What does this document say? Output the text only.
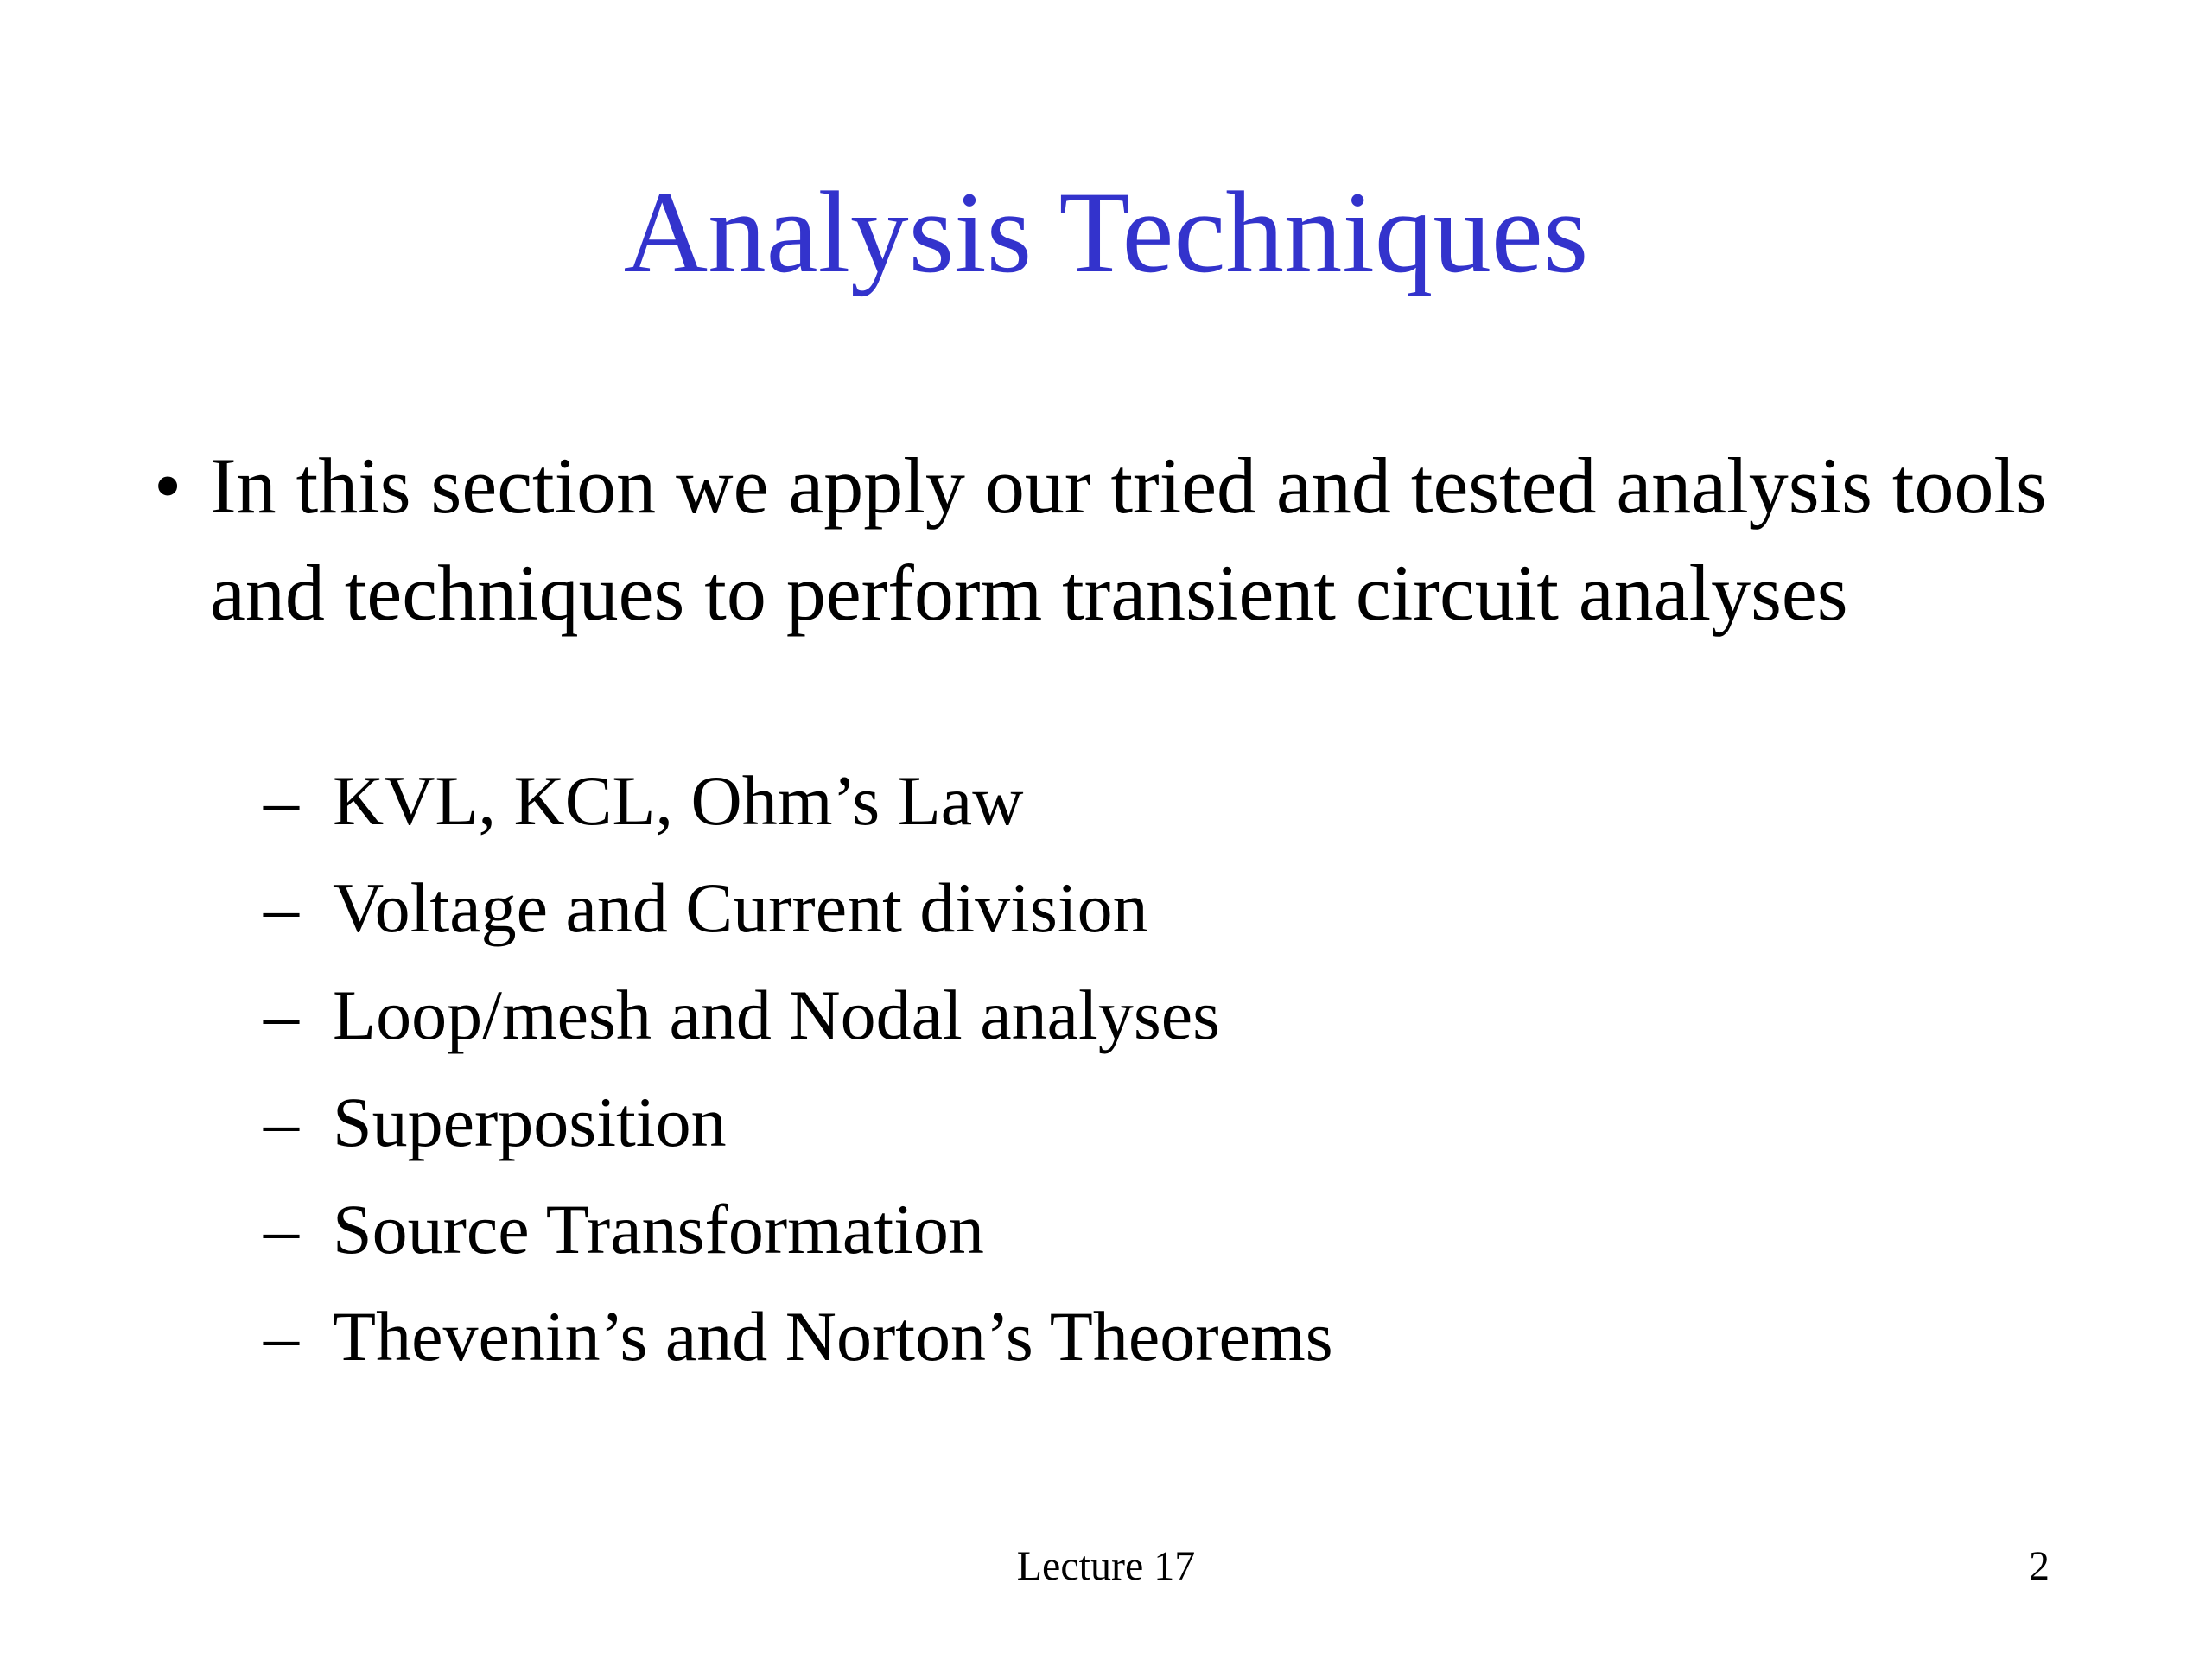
Analysis Techniques
• In this section we apply our tried and tested analysis tools and techniques to perform transient circuit analyses
– KVL, KCL, Ohm’s Law
– Voltage and Current division
– Loop/mesh and Nodal analyses
– Superposition
– Source Transformation
– Thevenin’s and Norton’s Theorems
Lecture 17	2
